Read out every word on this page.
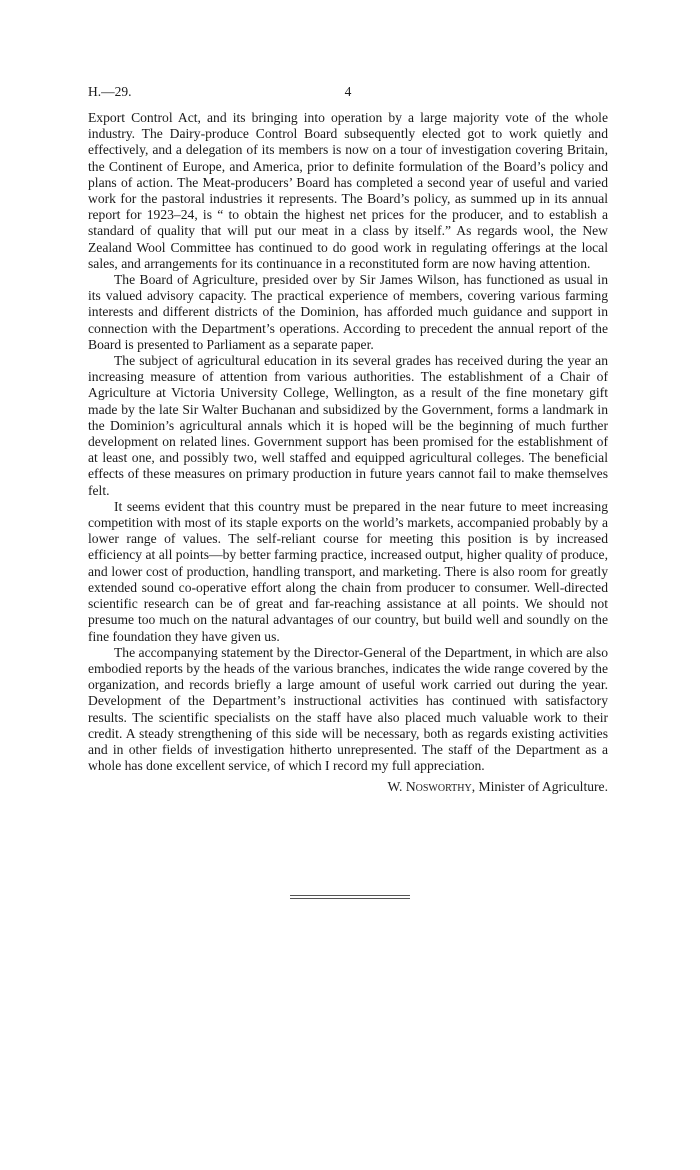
H.—29.	4

Export Control Act, and its bringing into operation by a large majority vote of the whole industry. The Dairy-produce Control Board subsequently elected got to work quietly and effectively, and a delegation of its members is now on a tour of investigation covering Britain, the Continent of Europe, and America, prior to definite formulation of the Board’s policy and plans of action. The Meat-producers’ Board has completed a second year of useful and varied work for the pastoral industries it represents. The Board’s policy, as summed up in its annual report for 1923–24, is “ to obtain the highest net prices for the producer, and to establish a standard of quality that will put our meat in a class by itself.” As regards wool, the New Zealand Wool Committee has continued to do good work in regulating offerings at the local sales, and arrangements for its continuance in a reconstituted form are now having attention.

The Board of Agriculture, presided over by Sir James Wilson, has functioned as usual in its valued advisory capacity. The practical experience of members, covering various farming interests and different districts of the Dominion, has afforded much guidance and support in connection with the Department’s operations. According to precedent the annual report of the Board is presented to Parliament as a separate paper.

The subject of agricultural education in its several grades has received during the year an increasing measure of attention from various authorities. The establishment of a Chair of Agriculture at Victoria University College, Wellington, as a result of the fine monetary gift made by the late Sir Walter Buchanan and subsidized by the Government, forms a landmark in the Dominion’s agricultural annals which it is hoped will be the beginning of much further development on related lines. Government support has been promised for the establishment of at least one, and possibly two, well staffed and equipped agricultural colleges. The beneficial effects of these measures on primary production in future years cannot fail to make themselves felt.

It seems evident that this country must be prepared in the near future to meet increasing competition with most of its staple exports on the world’s markets, accompanied probably by a lower range of values. The self-reliant course for meeting this position is by increased efficiency at all points—by better farming practice, increased output, higher quality of produce, and lower cost of production, handling transport, and marketing. There is also room for greatly extended sound co-operative effort along the chain from producer to consumer. Well-directed scientific research can be of great and far-reaching assistance at all points. We should not presume too much on the natural advantages of our country, but build well and soundly on the fine foundation they have given us.

The accompanying statement by the Director-General of the Department, in which are also embodied reports by the heads of the various branches, indicates the wide range covered by the organization, and records briefly a large amount of useful work carried out during the year. Development of the Department’s instructional activities has continued with satisfactory results. The scientific specialists on the staff have also placed much valuable work to their credit. A steady strengthening of this side will be necessary, both as regards existing activities and in other fields of investigation hitherto unrepresented. The staff of the Department as a whole has done excellent service, of which I record my full appreciation.

W. Nosworthy, Minister of Agriculture.
